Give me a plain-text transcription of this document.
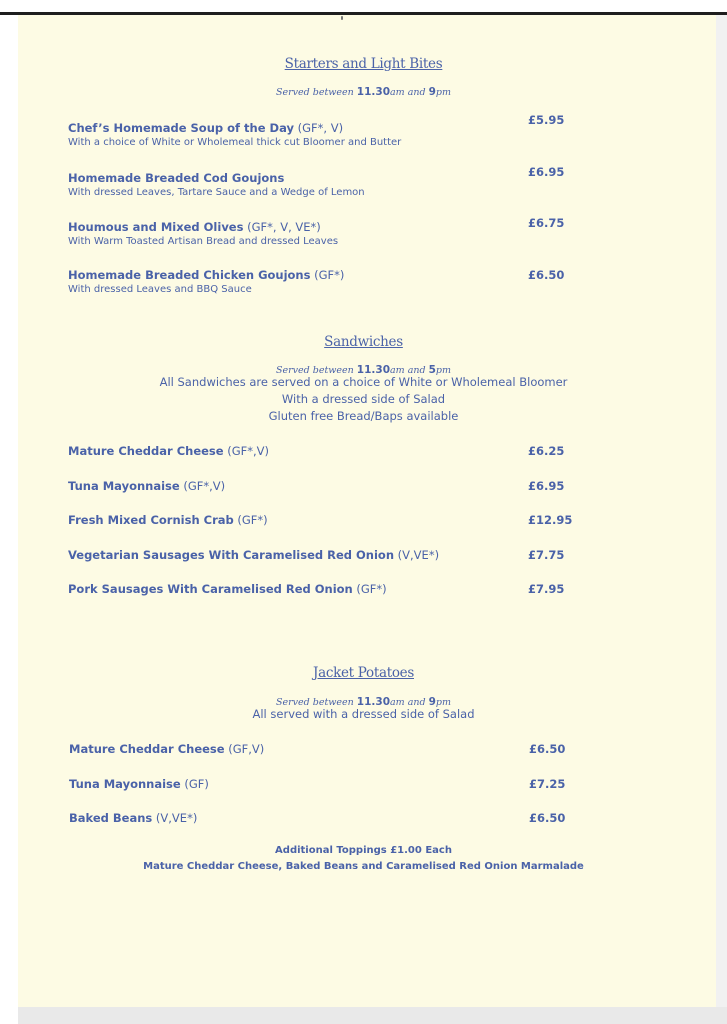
Starters and Light Bites
Served between 11.30am and 9pm
Chef’s Homemade Soup of the Day (GF*, V)
With a choice of White or Wholemeal thick cut Bloomer and Butter
£5.95
Homemade Breaded Cod Goujons
With dressed Leaves, Tartare Sauce and a Wedge of Lemon
£6.95
Houmous and Mixed Olives (GF*, V, VE*)
With Warm Toasted Artisan Bread and dressed Leaves
£6.75
Homemade Breaded Chicken Goujons (GF*)
With dressed Leaves and BBQ Sauce
£6.50
Sandwiches
Served between 11.30am and 5pm
All Sandwiches are served on a choice of White or Wholemeal Bloomer
With a dressed side of Salad
Gluten free Bread/Baps available
Mature Cheddar Cheese (GF*,V)	£6.25
Tuna Mayonnaise (GF*,V)	£6.95
Fresh Mixed Cornish Crab (GF*)	£12.95
Vegetarian Sausages With Caramelised Red Onion (V,VE*)	£7.75
Pork Sausages With Caramelised Red Onion (GF*)	£7.95
Jacket Potatoes
Served between 11.30am and 9pm
All served with a dressed side of Salad
Mature Cheddar Cheese (GF,V)	£6.50
Tuna Mayonnaise (GF)	£7.25
Baked Beans (V,VE*)	£6.50
Additional Toppings £1.00 Each
Mature Cheddar Cheese, Baked Beans and Caramelised Red Onion Marmalade
